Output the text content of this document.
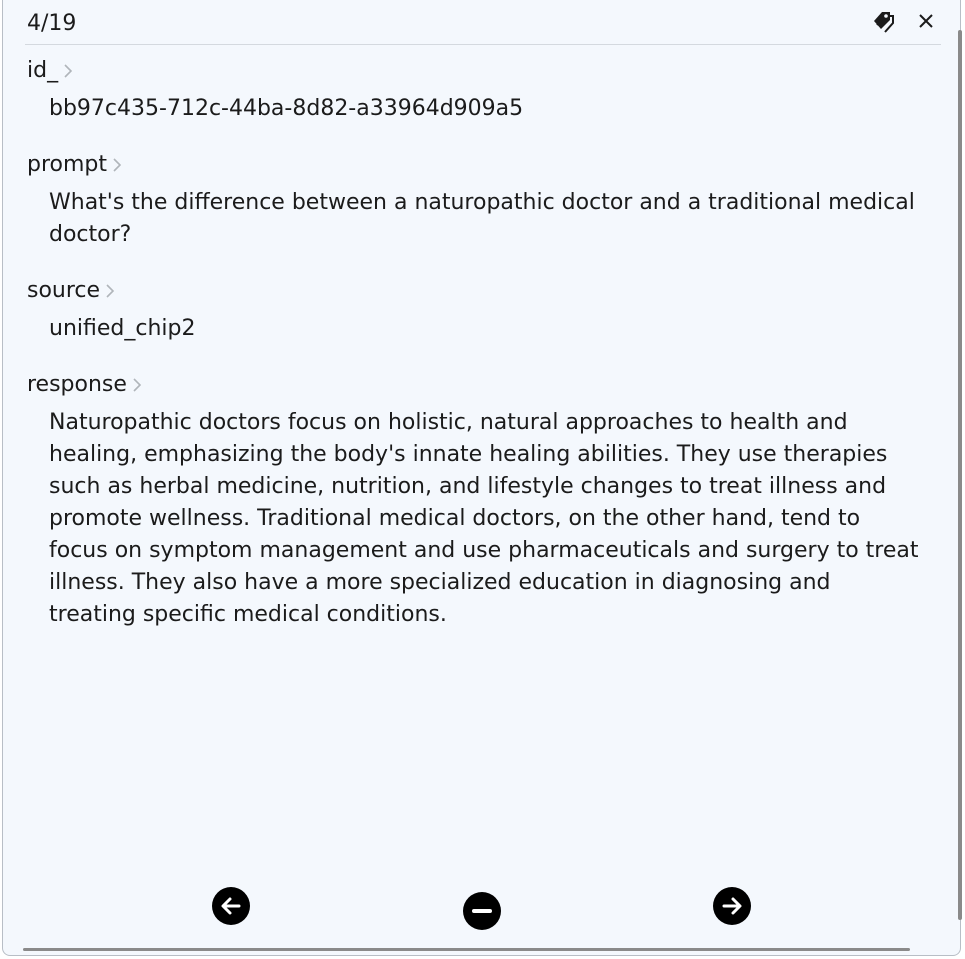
4/19
id_
bb97c435-712c-44ba-8d82-a33964d909a5
prompt
What's the difference between a naturopathic doctor and a traditional medical doctor?
source
unified_chip2
response
Naturopathic doctors focus on holistic, natural approaches to health and healing, emphasizing the body's innate healing abilities. They use therapies such as herbal medicine, nutrition, and lifestyle changes to treat illness and promote wellness. Traditional medical doctors, on the other hand, tend to focus on symptom management and use pharmaceuticals and surgery to treat illness. They also have a more specialized education in diagnosing and treating specific medical conditions.
